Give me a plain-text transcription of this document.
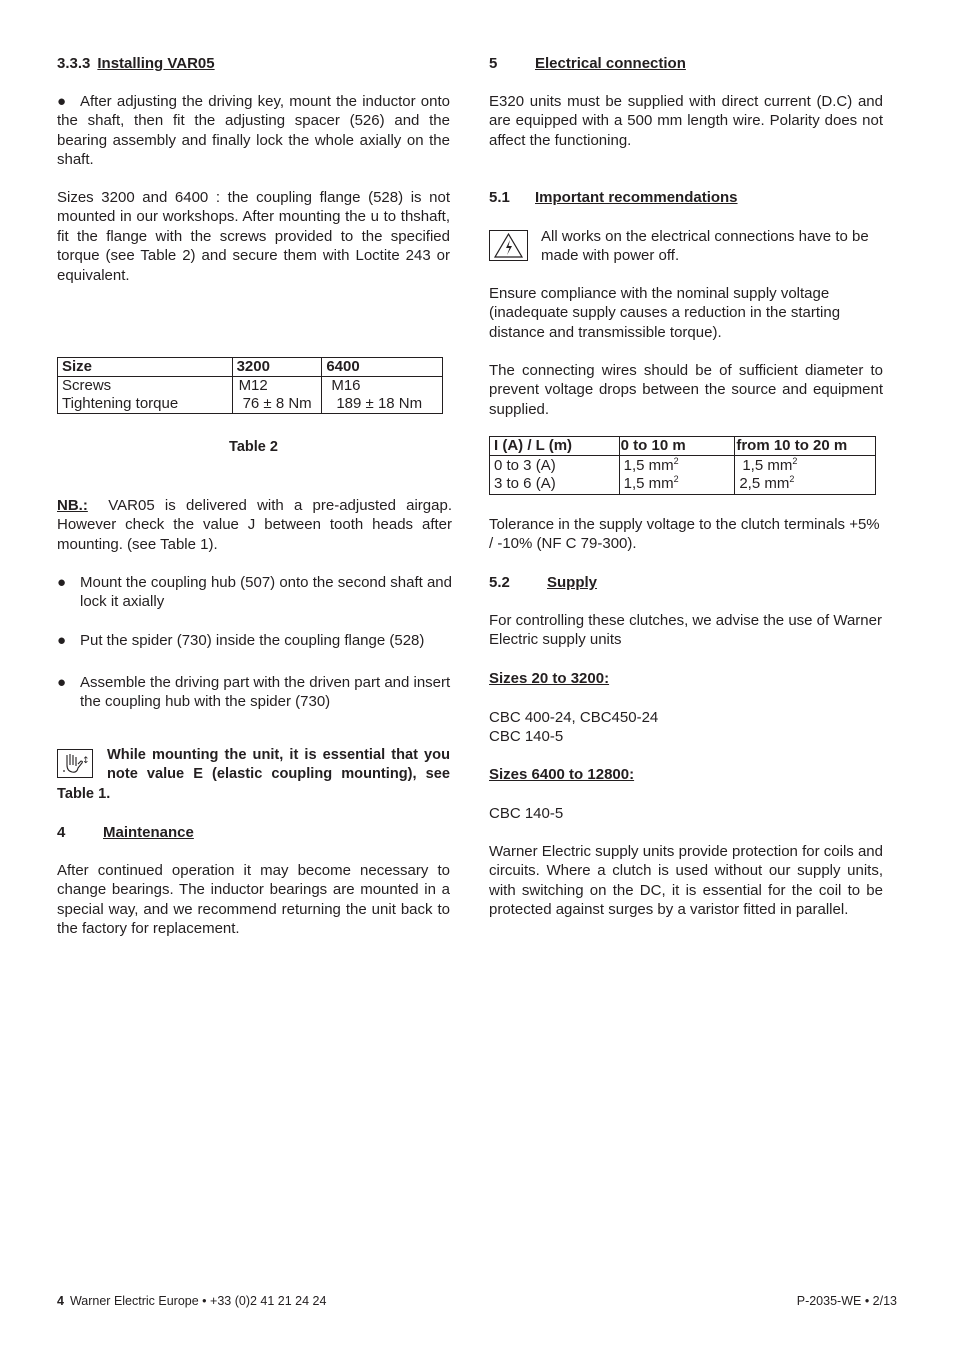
3.3.3 Installing VAR05
● After adjusting the driving key, mount the inductor onto the shaft, then fit the adjusting spacer (526) and the bearing assembly and finally lock the whole axially on the shaft.

Sizes 3200 and 6400 : the coupling flange (528) is not mounted in our workshops. After mounting the u to thshaft, fit the flange with the screws provided to the specified torque (see Table 2) and secure them with Loctite 243 or equivalent.

Size	3200	6400
Screws	M12	M16
Tightening torque	76 ± 8 Nm	189 ± 18 Nm
Table 2
NB.: VAR05 is delivered with a pre-adjusted airgap. However check the value J between tooth heads after mounting. (see Table 1).
● Mount the coupling hub (507) onto the second shaft and lock it axially

● Put the spider (730) inside the coupling flange (528)

● Assemble the driving part with the driven part and insert the coupling hub with the spider (730)

↕	While mounting the unit, it is essential that you note value E (elastic coupling mounting), see Table 1.

4	Maintenance

After continued operation it may become necessary to change bearings. The inductor bearings are mounted in a special way, and we recommend returning the unit back to the factory for replacement.

5	Electrical connection

E320 units must be supplied with direct current (D.C) and are equipped with a 500 mm length wire. Polarity does not affect the functioning.

5.1 Important recommendations

All works on the electrical connections have to be made with power off.

Ensure compliance with the nominal supply voltage (inadequate supply causes a reduction in the starting distance and transmissible torque).

The connecting wires should be of sufficient diameter to prevent voltage drops between the source and equipment supplied.

I (A) / L (m)	0 to 10 m	from 10 to 20 m
0 to 3 (A)	1,5 $mm^2$	1,5 $mm^2$
3 to 6 (A)	1,5 $mm^2$	2,5 $mm^2$

Tolerance in the supply voltage to the clutch terminals +5% / -10% (NF C 79-300).

5.2 Supply

For controlling these clutches, we advise the use of Warner Electric supply units

Sizes 20 to 3200:
CBC 400-24, CBC450-24
CBC 140-5
Sizes 6400 to 12800:
CBC 140-5

Warner Electric supply units provide protection for coils and circuits. Where a clutch is used without our supply units, with switching on the DC, it is essential for the coil to be protected against surges by a varistor fitted in parallel.

4 Warner Electric Europe • +33 (0)2 41 21 24 24	P-2035-WE • 2/13
